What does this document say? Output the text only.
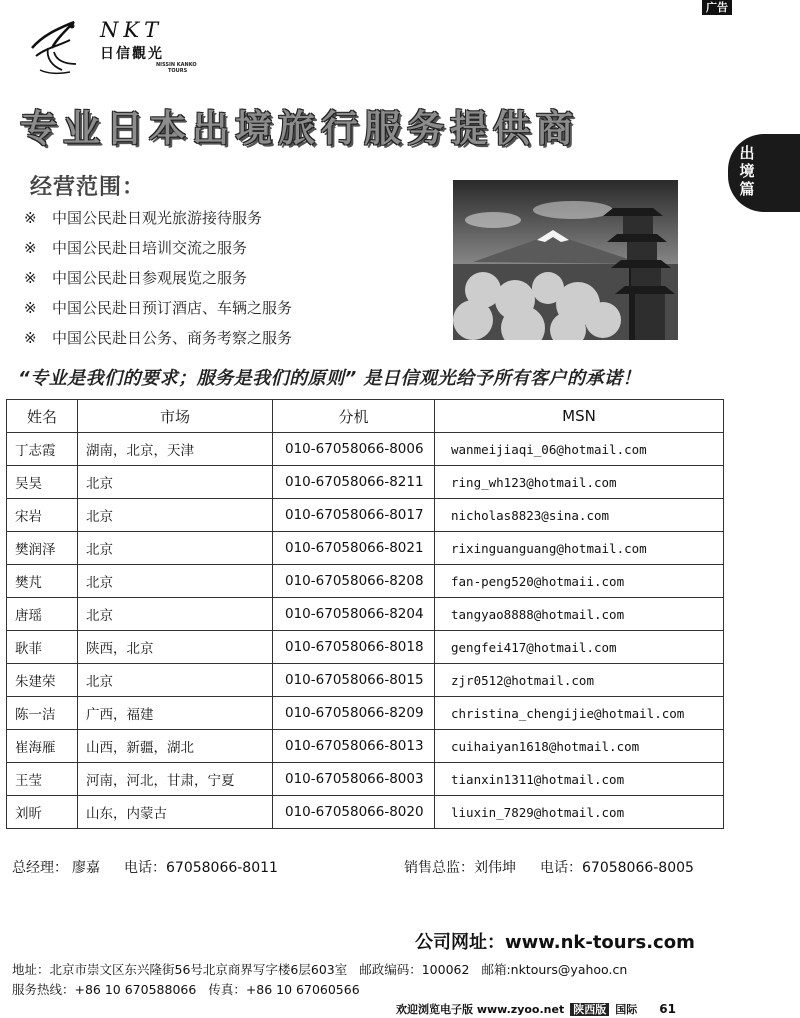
广告
NKT
日信觀光
NISSIN KANKO
TOURS
专业日本出境旅行服务提供商
出
境
篇
经营范围：
※ 中国公民赴日观光旅游接待服务
※ 中国公民赴日培训交流之服务
※ 中国公民赴日参观展览之服务
※ 中国公民赴日预订酒店、车辆之服务
※ 中国公民赴日公务、商务考察之服务
“专业是我们的要求；服务是我们的原则” 是日信观光给予所有客户的承诺！
姓名	市场	分机	MSN
丁志霞	湖南，北京，天津	010-67058066-8006	wanmeijiaqi_06@hotmail.com
吴昊	北京	010-67058066-8211	ring_wh123@hotmail.com
宋岩	北京	010-67058066-8017	nicholas8823@sina.com
樊润泽	北京	010-67058066-8021	rixinguanguang@hotmail.com
樊芃	北京	010-67058066-8208	fan-peng520@hotmaii.com
唐瑶	北京	010-67058066-8204	tangyao8888@hotmail.com
耿菲	陕西，北京	010-67058066-8018	gengfei417@hotmail.com
朱建荣	北京	010-67058066-8015	zjr0512@hotmail.com
陈一洁	广西，福建	010-67058066-8209	christina_chengijie@hotmail.com
崔海雁	山西，新疆，湖北	010-67058066-8013	cuihaiyan1618@hotmail.com
王莹	河南，河北，甘肃，宁夏	010-67058066-8003	tianxin1311@hotmail.com
刘昕	山东，内蒙古	010-67058066-8020	liuxin_7829@hotmail.com
总经理： 廖嘉 电话：67058066-8011	销售总监：刘伟坤 电话：67058066-8005
公司网址：www.nk-tours.com
地址：北京市崇文区东兴隆街56号北京商界写字楼6层603室 邮政编码：100062 邮箱:nktours@yahoo.cn
服务热线：+86 10 670588066 传真：+86 10 67060566
欢迎浏览电子版 www.zyoo.net 陕西版 国际 61
